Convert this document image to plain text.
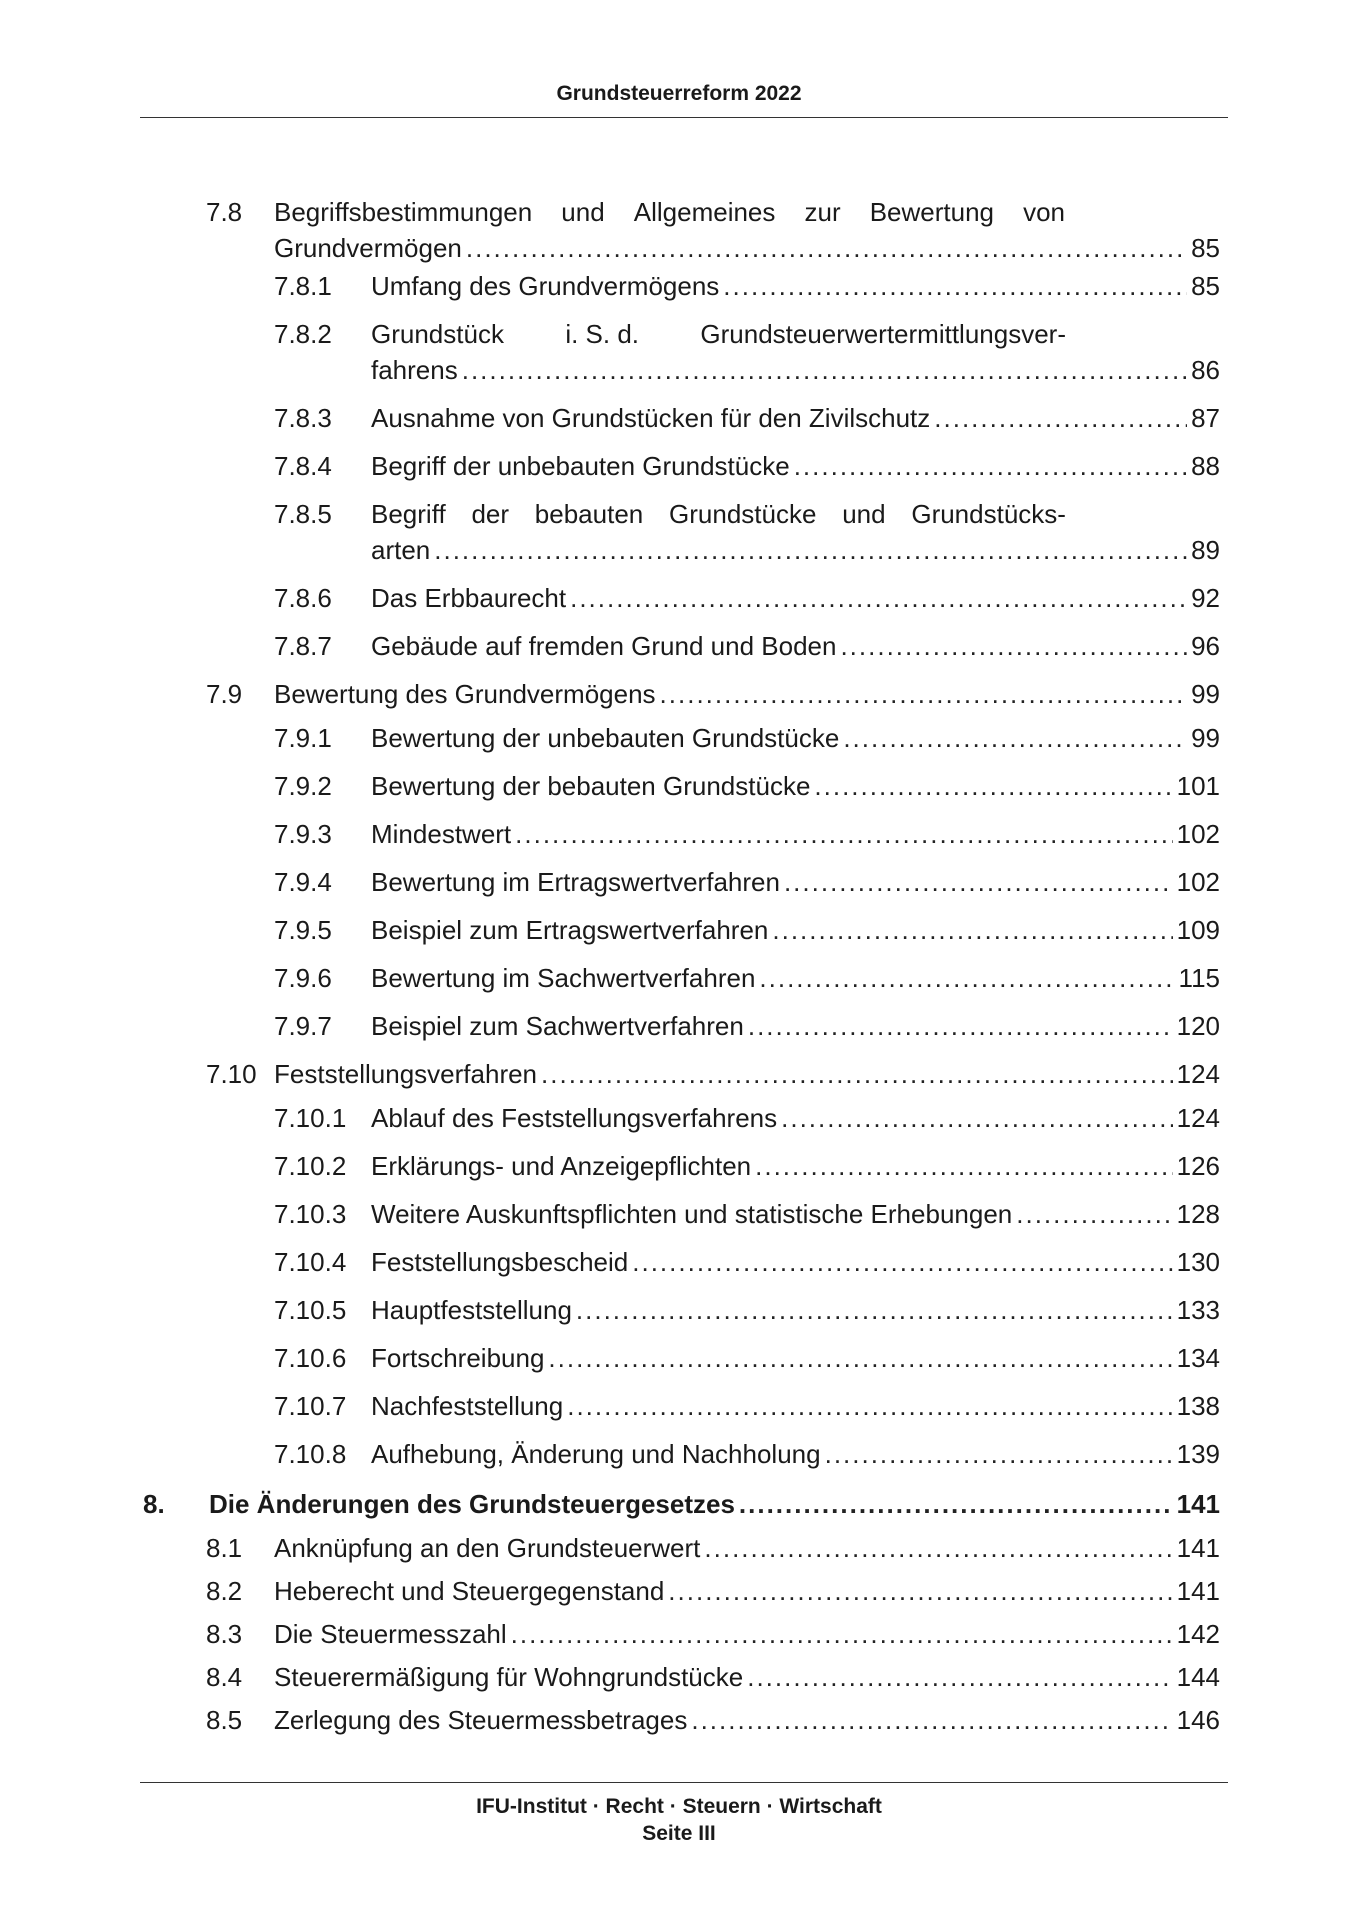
Grundsteuerreform 2022
7.8 Begriffsbestimmungen und Allgemeines zur Bewertung von
Grundvermögen .....	85
7.8.1 Umfang des Grundvermögens .....	85
7.8.2 Grundstück i. S. d. Grundsteuerwertermittlungsver-
fahrens .....	86
7.8.3 Ausnahme von Grundstücken für den Zivilschutz .....	87
7.8.4 Begriff der unbebauten Grundstücke .....	88
7.8.5 Begriff der bebauten Grundstücke und Grundstücks-
arten .....	89
7.8.6 Das Erbbaurecht .....	92
7.8.7 Gebäude auf fremden Grund und Boden .....	96
7.9 Bewertung des Grundvermögens .....	99
7.9.1 Bewertung der unbebauten Grundstücke .....	99
7.9.2 Bewertung der bebauten Grundstücke .....	101
7.9.3 Mindestwert .....	102
7.9.4 Bewertung im Ertragswertverfahren .....	102
7.9.5 Beispiel zum Ertragswertverfahren .....	109
7.9.6 Bewertung im Sachwertverfahren .....	115
7.9.7 Beispiel zum Sachwertverfahren .....	120
7.10 Feststellungsverfahren .....	124
7.10.1 Ablauf des Feststellungsverfahrens .....	124
7.10.2 Erklärungs- und Anzeigepflichten .....	126
7.10.3 Weitere Auskunftspflichten und statistische Erhebungen .....	128
7.10.4 Feststellungsbescheid .....	130
7.10.5 Hauptfeststellung .....	133
7.10.6 Fortschreibung .....	134
7.10.7 Nachfeststellung .....	138
7.10.8 Aufhebung, Änderung und Nachholung .....	139
8. Die Änderungen des Grundsteuergesetzes .....	141
8.1 Anknüpfung an den Grundsteuerwert .....	141
8.2 Heberecht und Steuergegenstand .....	141
8.3 Die Steuermesszahl .....	142
8.4 Steuerermäßigung für Wohngrundstücke .....	144
8.5 Zerlegung des Steuermessbetrages .....	146
IFU-Institut · Recht · Steuern · Wirtschaft
Seite III
